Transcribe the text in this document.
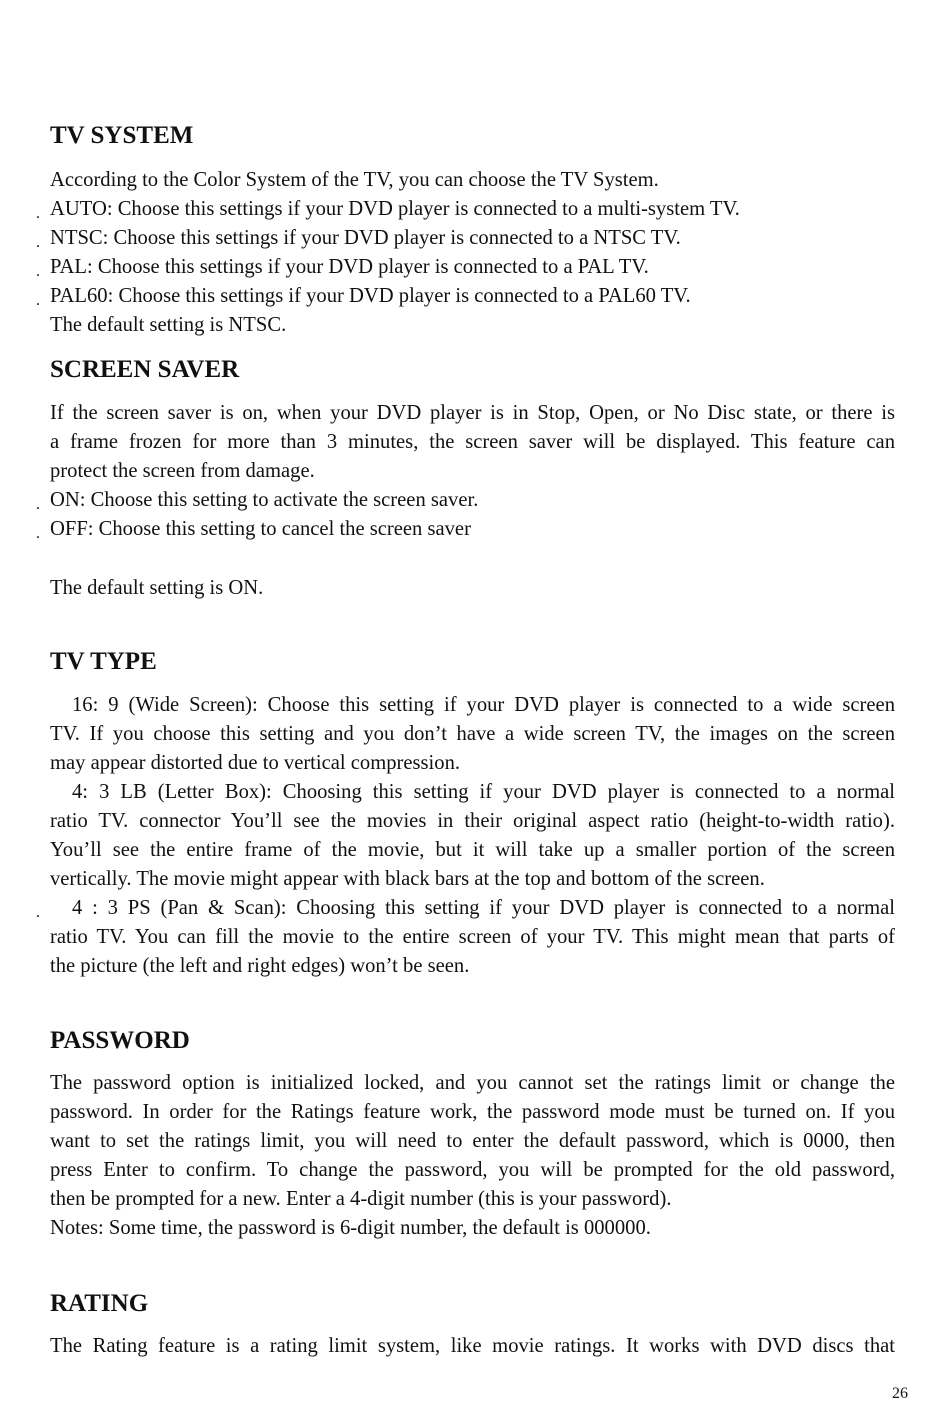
TV SYSTEM

According to the Color System of the TV, you can choose the TV System.

. AUTO: Choose this settings if your DVD player is connected to a multi-system TV.

. NTSC: Choose this settings if your DVD player is connected to a NTSC TV.

. PAL: Choose this settings if your DVD player is connected to a PAL TV.

. PAL60: Choose this settings if your DVD player is connected to a PAL60 TV.

The default setting is NTSC.

SCREEN SAVER

If the screen saver is on, when your DVD player is in Stop, Open, or No Disc state, or there is

a frame frozen for more than 3 minutes, the screen saver will be displayed. This feature can

protect the screen from damage.

. ON: Choose this setting to activate the screen saver.

. OFF: Choose this setting to cancel the screen saver

The default setting is ON.

TV TYPE

16: 9 (Wide Screen): Choose this setting if your DVD player is connected to a wide screen

TV. If you choose this setting and you don’t have a wide screen TV, the images on the screen

may appear distorted due to vertical compression.

4: 3 LB (Letter Box): Choosing this setting if your DVD player is connected to a normal

ratio TV. connector You’ll see the movies in their original aspect ratio (height-to-width ratio).

You’ll see the entire frame of the movie, but it will take up a smaller portion of the screen

vertically. The movie might appear with black bars at the top and bottom of the screen.

.	4 : 3 PS (Pan & Scan): Choosing this setting if your DVD player is connected to a normal

ratio TV. You can fill the movie to the entire screen of your TV. This might mean that parts of

the picture (the left and right edges) won’t be seen.

PASSWORD

The password option is initialized locked, and you cannot set the ratings limit or change the

password. In order for the Ratings feature work, the password mode must be turned on. If you

want to set the ratings limit, you will need to enter the default password, which is 0000, then

press Enter to confirm. To change the password, you will be prompted for the old password,

then be prompted for a new. Enter a 4-digit number (this is your password).

Notes: Some time, the password is 6-digit number, the default is 000000.

RATING

The Rating feature is a rating limit system, like movie ratings. It works with DVD discs that

26
